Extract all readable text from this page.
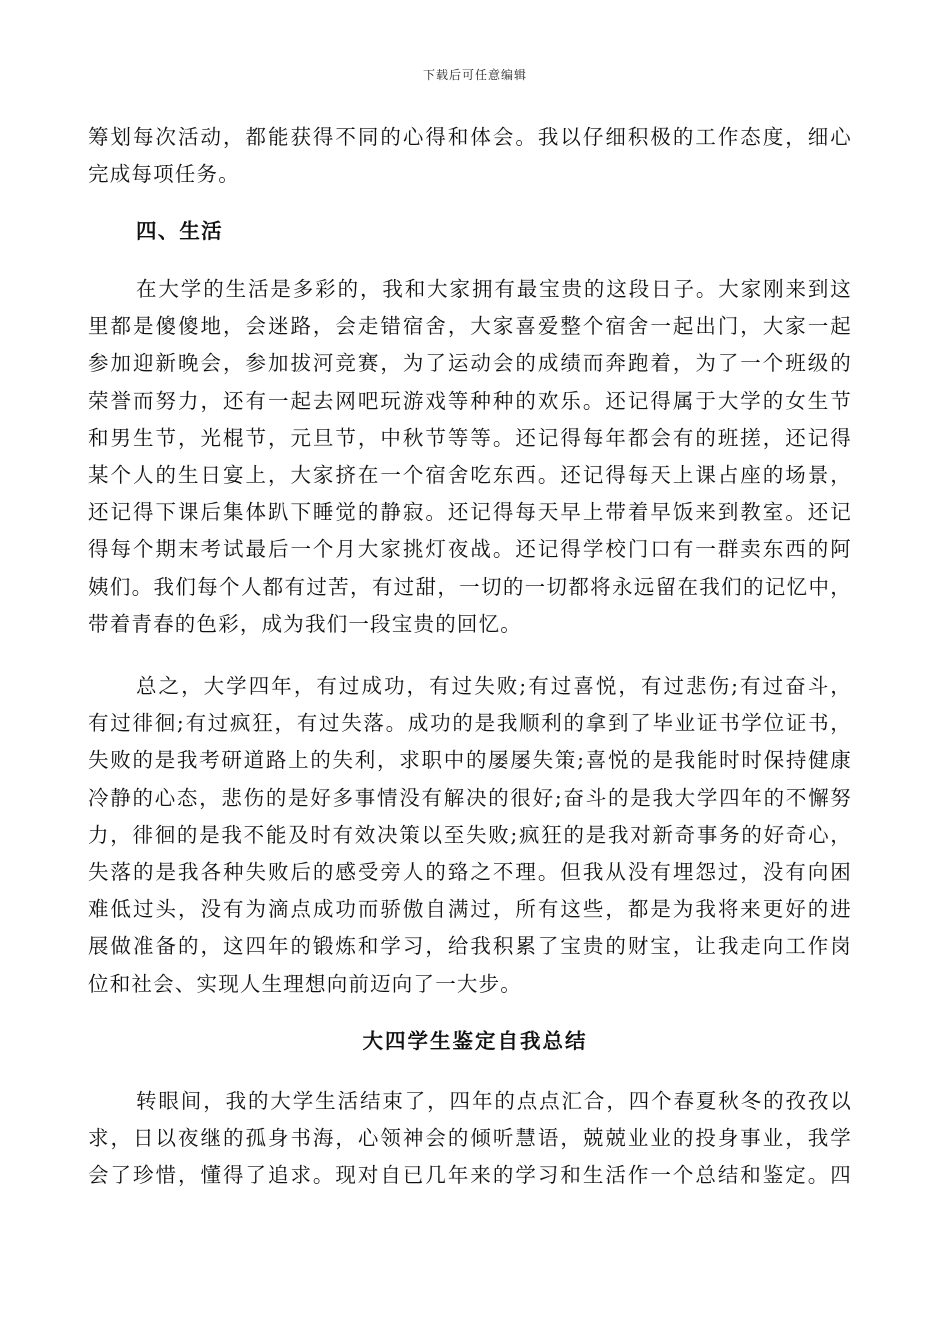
下载后可任意编辑
筹划每次活动，都能获得不同的心得和体会。我以仔细积极的工作态度，细心
完成每项任务。
四、生活
在大学的生活是多彩的，我和大家拥有最宝贵的这段日子。大家刚来到这
里都是傻傻地，会迷路，会走错宿舍，大家喜爱整个宿舍一起出门，大家一起
参加迎新晚会，参加拔河竞赛，为了运动会的成绩而奔跑着，为了一个班级的
荣誉而努力，还有一起去网吧玩游戏等种种的欢乐。还记得属于大学的女生节
和男生节，光棍节，元旦节，中秋节等等。还记得每年都会有的班搓，还记得
某个人的生日宴上，大家挤在一个宿舍吃东西。还记得每天上课占座的场景，
还记得下课后集体趴下睡觉的静寂。还记得每天早上带着早饭来到教室。还记
得每个期末考试最后一个月大家挑灯夜战。还记得学校门口有一群卖东西的阿
姨们。我们每个人都有过苦，有过甜，一切的一切都将永远留在我们的记忆中，
带着青春的色彩，成为我们一段宝贵的回忆。
总之，大学四年，有过成功，有过失败;有过喜悦，有过悲伤;有过奋斗，
有过徘徊;有过疯狂，有过失落。成功的是我顺利的拿到了毕业证书学位证书，
失败的是我考研道路上的失利，求职中的屡屡失策;喜悦的是我能时时保持健康
冷静的心态，悲伤的是好多事情没有解决的很好;奋斗的是我大学四年的不懈努
力，徘徊的是我不能及时有效决策以至失败;疯狂的是我对新奇事务的好奇心，
失落的是我各种失败后的感受旁人的臵之不理。但我从没有埋怨过，没有向困
难低过头，没有为滴点成功而骄傲自满过，所有这些，都是为我将来更好的进
展做准备的，这四年的锻炼和学习，给我积累了宝贵的财宝，让我走向工作岗
位和社会、实现人生理想向前迈向了一大步。
大四学生鉴定自我总结
转眼间，我的大学生活结束了，四年的点点汇合，四个春夏秋冬的孜孜以
求，日以夜继的孤身书海，心领神会的倾听慧语，兢兢业业的投身事业，我学
会了珍惜，懂得了追求。现对自已几年来的学习和生活作一个总结和鉴定。四
